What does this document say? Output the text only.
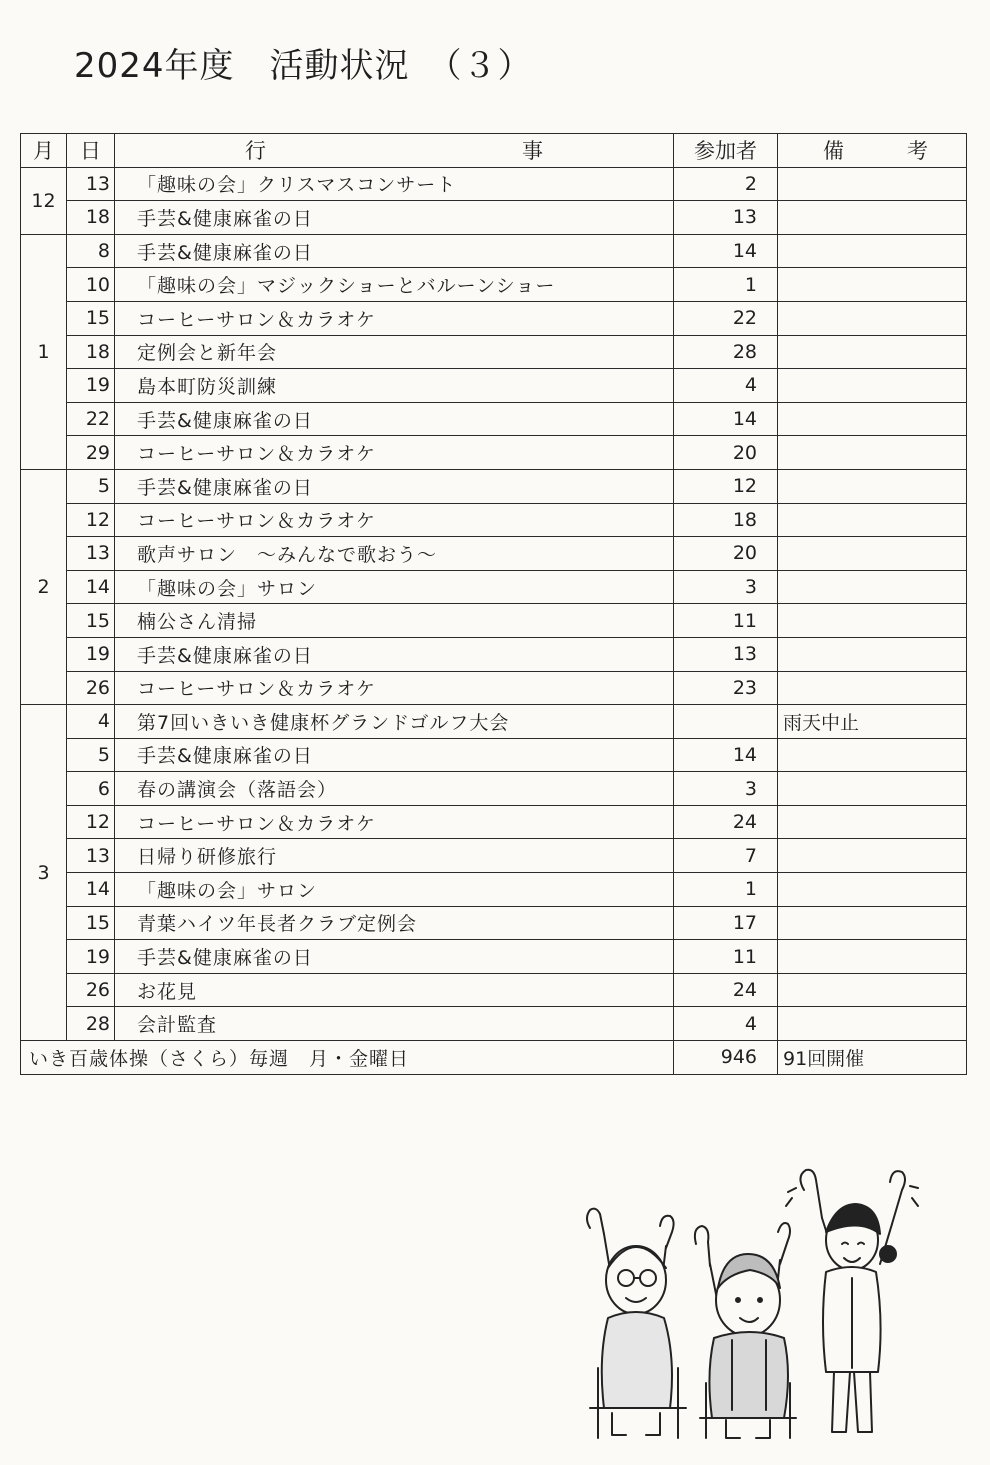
2024年度　活動状況　（３）
月	日	行 事	参加者	備 考

12	13	「趣味の会」クリスマスコンサート	2	
	18	手芸&健康麻雀の日	13	
1	8	手芸&健康麻雀の日	14	
	10	「趣味の会」マジックショーとバルーンショー	1	
	15	コーヒーサロン＆カラオケ	22	
	18	定例会と新年会	28	
	19	島本町防災訓練	4	
	22	手芸&健康麻雀の日	14	
	29	コーヒーサロン＆カラオケ	20	
2	5	手芸&健康麻雀の日	12	
	12	コーヒーサロン＆カラオケ	18	
	13	歌声サロン　～みんなで歌おう～	20	
	14	「趣味の会」サロン	3	
	15	楠公さん清掃	11	
	19	手芸&健康麻雀の日	13	
	26	コーヒーサロン＆カラオケ	23	
3	4	第7回いきいき健康杯グランドゴルフ大会		雨天中止
	5	手芸&健康麻雀の日	14	
	6	春の講演会（落語会）	3	
	12	コーヒーサロン＆カラオケ	24	
	13	日帰り研修旅行	7	
	14	「趣味の会」サロン	1	
	15	青葉ハイツ年長者クラブ定例会	17	
	19	手芸&健康麻雀の日	11	
	26	お花見	24	
	28	会計監査	4	
いき百歳体操（さくら）毎週　月・金曜日			946	91回開催
